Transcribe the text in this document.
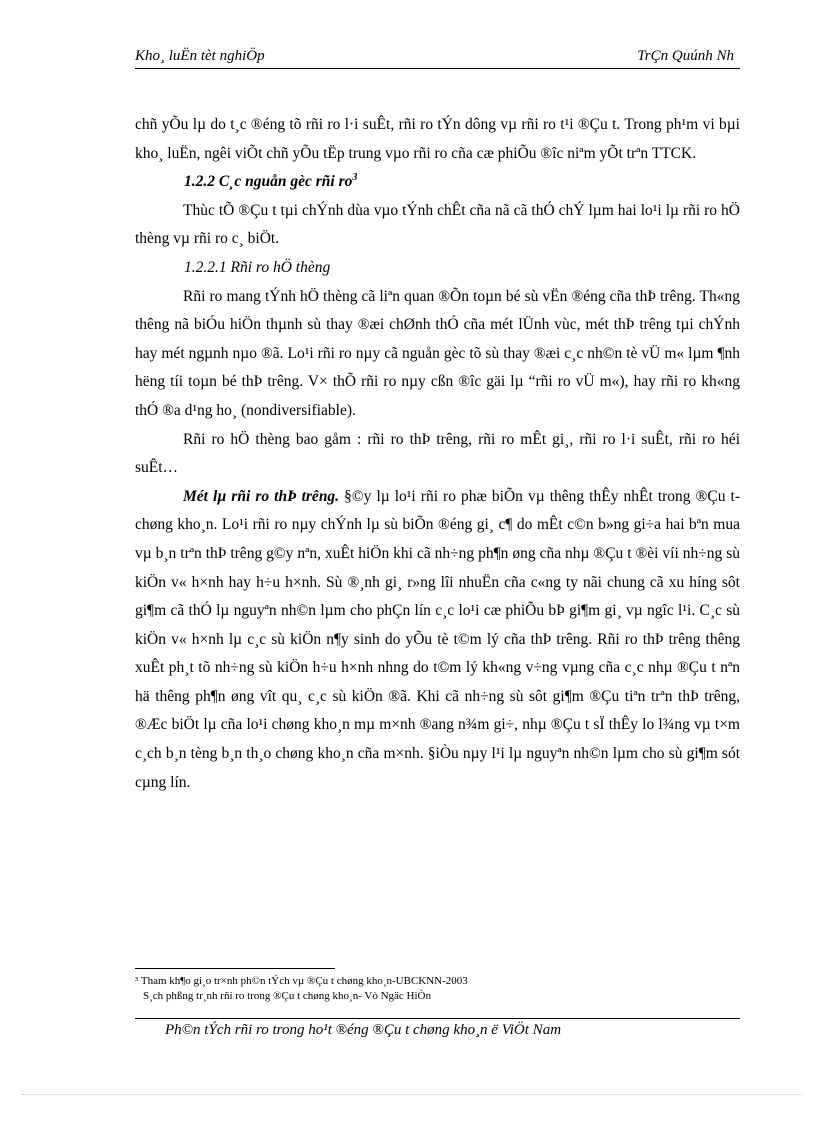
Kho¸ luËn tèt nghiÖp	TrÇn Quúnh Nh

chñ yÕu lµ do t¸c ®éng tõ rñi ro l·i suÊt, rñi ro tÝn dông vµ rñi ro t¹i ®Çu t. Trong ph¹m vi bµi kho¸ luËn, ngêi viÕt chñ yÕu tËp trung vµo rñi ro cña cæ phiÕu ®îc niªm yÕt trªn TTCK.

1.2.2 C¸c nguån gèc rñi $ro^3$

Thùc tÕ ®Çu t tµi chÝnh dùa vµo tÝnh chÊt cña nã cã thÓ chÝ lµm hai lo¹i lµ rñi ro hÖ thèng vµ rñi ro c¸ biÖt.

1.2.2.1 Rñi ro hÖ thèng

Rñi ro mang tÝnh hÖ thèng cã liªn quan ®Õn toµn bé sù vËn ®éng cña thÞ trêng. Th«ng thêng nã biÓu hiÖn thµnh sù thay ®æi chØnh thÓ cña mét lÜnh vùc, mét thÞ trêng tµi chÝnh hay mét ngµnh nµo ®ã. Lo¹i rñi ro nµy cã nguån gèc tõ sù thay ®æi c¸c nh©n tè vÜ m« lµm ¶nh hëng tíi toµn bé thÞ trêng. V× thÕ rñi ro nµy cßn ®îc gäi lµ “rñi ro vÜ m«), hay rñi ro kh«ng thÓ ®a d¹ng ho¸ (nondiversifiable).

Rñi ro hÖ thèng bao gåm : rñi ro thÞ trêng, rñi ro mÊt gi¸, rñi ro l·i suÊt, rñi ro héi suÊt…

Mét lµ rñi ro thÞ trêng. §©y lµ lo¹i rñi ro phæ biÕn vµ thêng thÊy nhÊt trong ®Çu t chøng kho¸n. Lo¹i rñi ro nµy chÝnh lµ sù biÕn ®éng gi¸ c¶ do mÊt c©n b»ng gi÷a hai bªn mua vµ b¸n trªn thÞ trêng g©y nªn, xuÊt hiÖn khi cã nh÷ng ph¶n øng cña nhµ ®Çu t ®èi víi nh÷ng sù kiÖn v« h×nh hay h÷u h×nh. Sù ®¸nh gi¸ r»ng lîi nhuËn cña c«ng ty nãi chung cã xu híng sôt gi¶m cã thÓ lµ nguyªn nh©n lµm cho phÇn lín c¸c lo¹i cæ phiÕu bÞ gi¶m gi¸ vµ ngîc l¹i. C¸c sù kiÖn v« h×nh lµ c¸c sù kiÖn n¶y sinh do yÕu tè t©m lý cña thÞ trêng. Rñi ro thÞ trêng thêng xuÊt ph¸t tõ nh÷ng sù kiÖn h÷u h×nh nhng do t©m lý kh«ng v÷ng vµng cña c¸c nhµ ®Çu t nªn hä thêng ph¶n øng vît qu¸ c¸c sù kiÖn ®ã. Khi cã nh÷ng sù sôt gi¶m ®Çu tiªn trªn thÞ trêng, ®Æc biÖt lµ cña lo¹i chøng kho¸n mµ m×nh ®ang n¾m gi÷, nhµ ®Çu t sÏ thÊy lo l¾ng vµ t×m c¸ch b¸n tèng b¸n th¸o chøng kho¸n cña m×nh. §iÒu nµy l¹i lµ nguyªn nh©n lµm cho sù gi¶m sót cµng lín.

³ Tham kh¶o gi¸o tr×nh ph©n tÝch vµ ®Çu t chøng kho¸n-UBCKNN-2003
S¸ch phßng tr¸nh rñi ro trong ®Çu t chøng kho¸n- Vò Ngäc HiÒn
Ph©n tÝch rñi ro trong ho¹t ®éng ®Çu t chøng kho¸n ë ViÖt Nam
